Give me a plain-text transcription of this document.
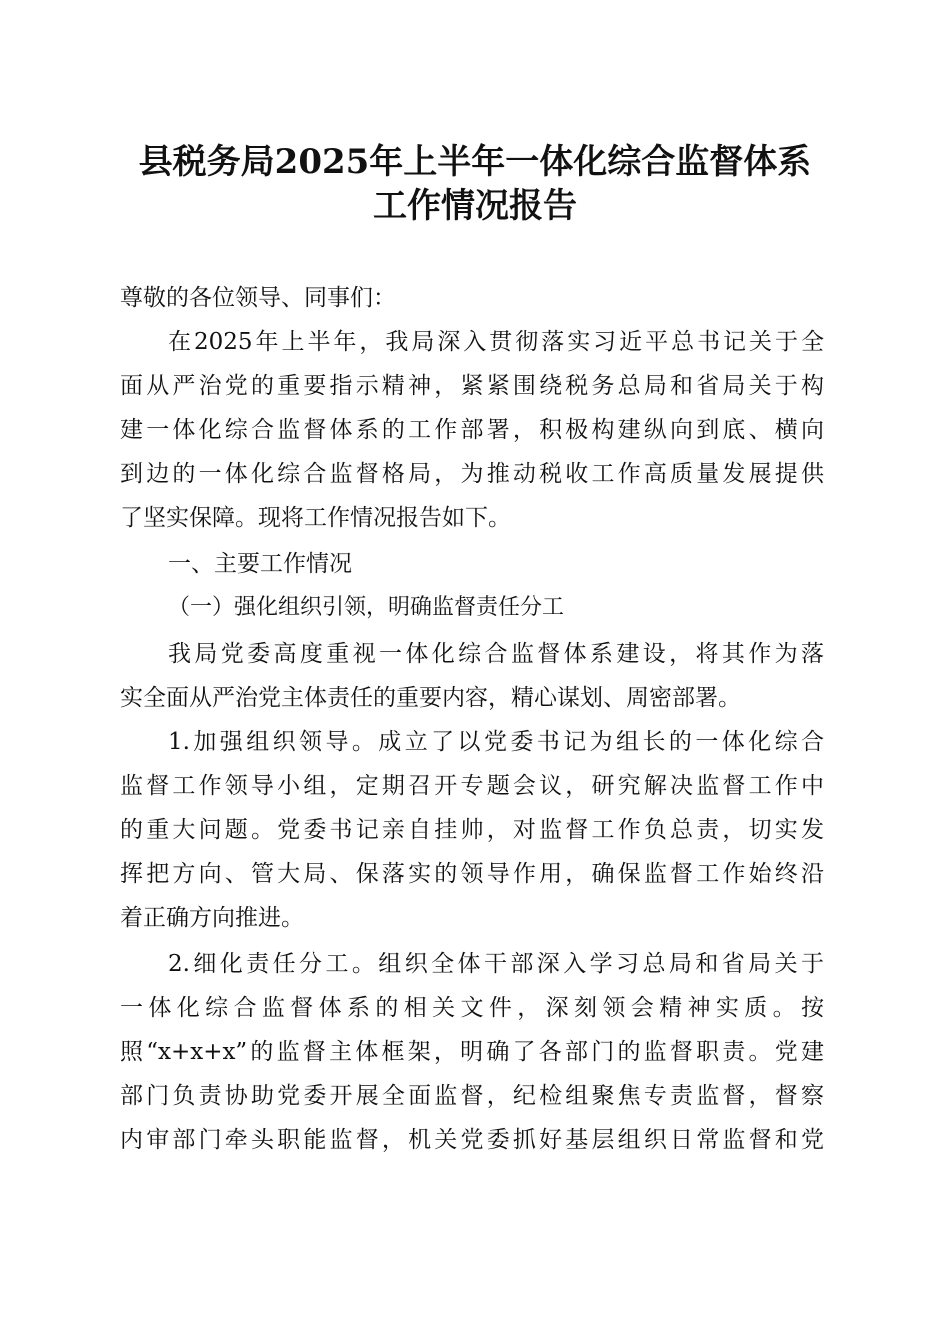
县税务局2025年上半年一体化综合监督体系
工作情况报告

尊敬的各位领导、同事们：

在2025年上半年，我局深入贯彻落实习近平总书记关于全

面从严治党的重要指示精神，紧紧围绕税务总局和省局关于构

建一体化综合监督体系的工作部署，积极构建纵向到底、横向

到边的一体化综合监督格局，为推动税收工作高质量发展提供

了坚实保障。现将工作情况报告如下。

一、主要工作情况

（一）强化组织引领，明确监督责任分工

我局党委高度重视一体化综合监督体系建设，将其作为落

实全面从严治党主体责任的重要内容，精心谋划、周密部署。

1.加强组织领导。成立了以党委书记为组长的一体化综合

监督工作领导小组，定期召开专题会议，研究解决监督工作中

的重大问题。党委书记亲自挂帅，对监督工作负总责，切实发

挥把方向、管大局、保落实的领导作用，确保监督工作始终沿

着正确方向推进。

2.细化责任分工。组织全体干部深入学习总局和省局关于

一体化综合监督体系的相关文件，深刻领会精神实质。按

照“x+x+x”的监督主体框架，明确了各部门的监督职责。党建

部门负责协助党委开展全面监督，纪检组聚焦专责监督，督察

内审部门牵头职能监督，机关党委抓好基层组织日常监督和党
